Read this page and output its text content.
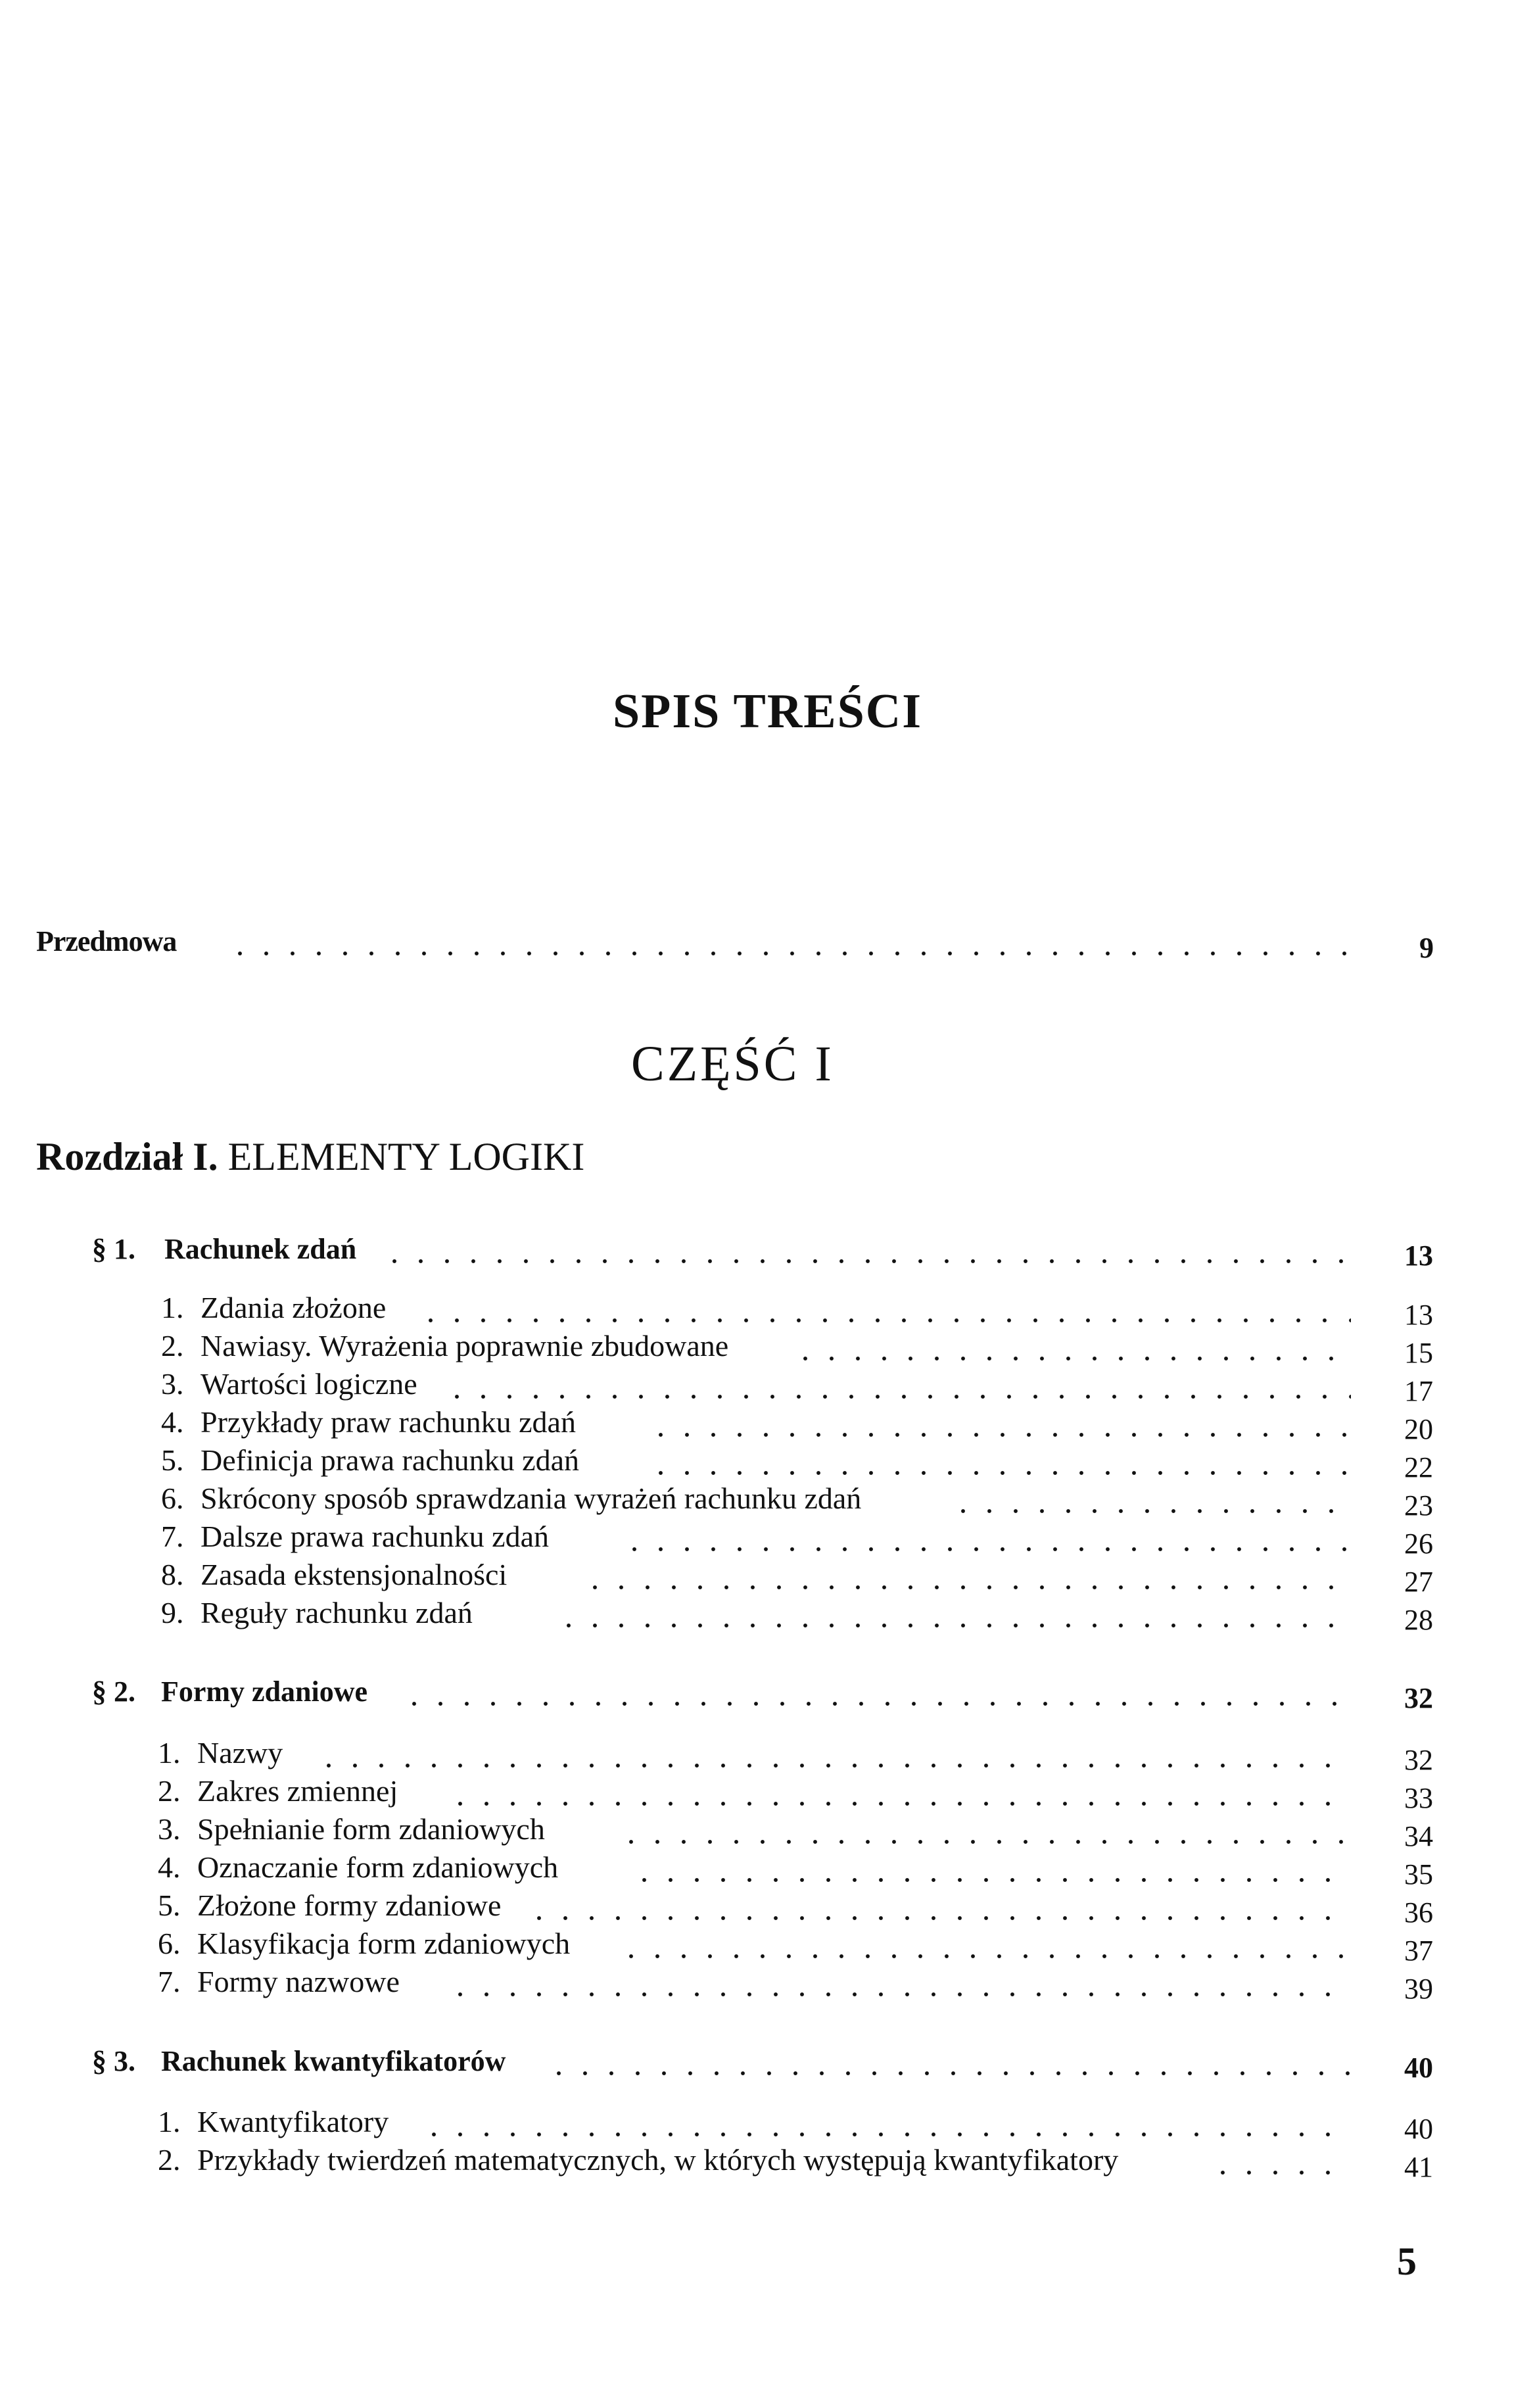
SPIS TREŚCI
Przedmowa	9
CZĘŚĆ I
Rozdział I. ELEMENTY LOGIKI
§ 1. Rachunek zdań	13
1. Zdania złożone	13
2. Nawiasy. Wyrażenia poprawnie zbudowane	15
3. Wartości logiczne	17
4. Przykłady praw rachunku zdań	20
5. Definicja prawa rachunku zdań	22
6. Skrócony sposób sprawdzania wyrażeń rachunku zdań	23
7. Dalsze prawa rachunku zdań	26
8. Zasada ekstensjonalności	27
9. Reguły rachunku zdań	28
§ 2. Formy zdaniowe	32
1. Nazwy	32
2. Zakres zmiennej	33
3. Spełnianie form zdaniowych	34
4. Oznaczanie form zdaniowych	35
5. Złożone formy zdaniowe	36
6. Klasyfikacja form zdaniowych	37
7. Formy nazwowe	39
§ 3. Rachunek kwantyfikatorów	40
1. Kwantyfikatory	40
2. Przykłady twierdzeń matematycznych, w których występują kwantyfikatory	41
5
